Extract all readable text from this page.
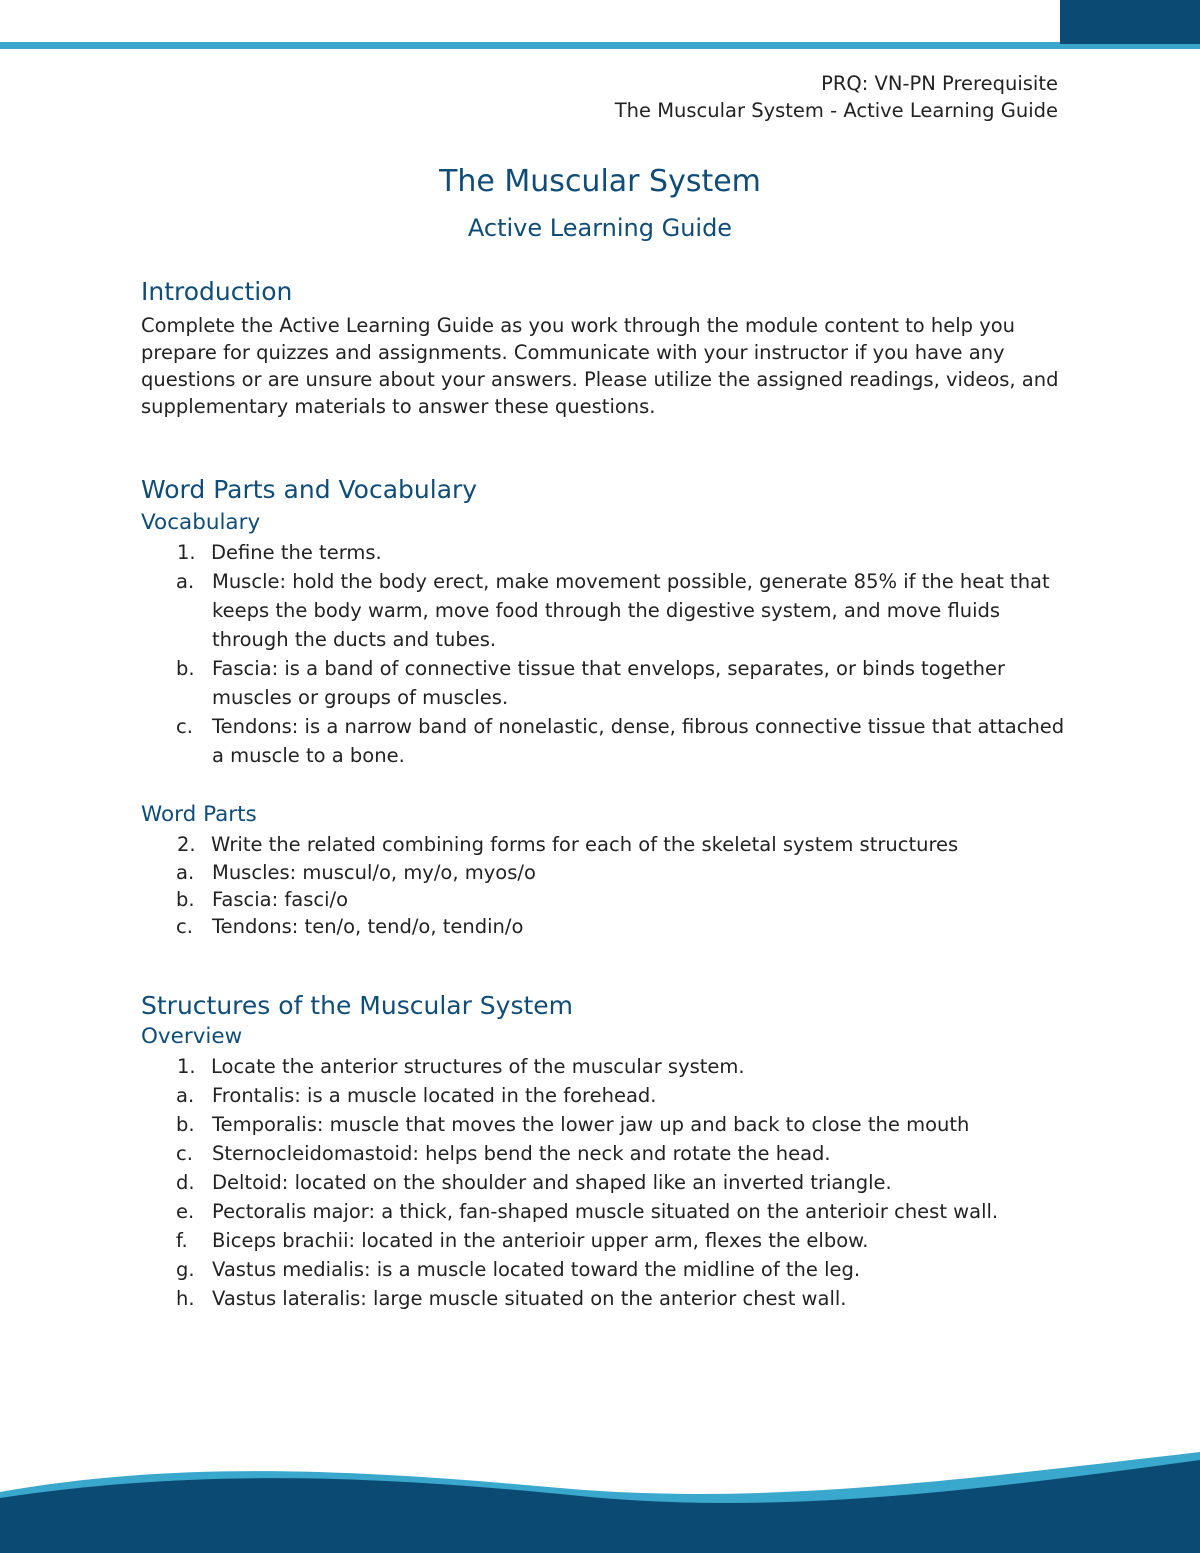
PRQ: VN-PN Prerequisite
The Muscular System - Active Learning Guide
The Muscular System
Active Learning Guide
Introduction

Complete the Active Learning Guide as you work through the module content to help you prepare for quizzes and assignments. Communicate with your instructor if you have any questions or are unsure about your answers. Please utilize the assigned readings, videos, and supplementary materials to answer these questions.

Word Parts and Vocabulary
Vocabulary
1. Define the terms.
a. Muscle: hold the body erect, make movement possible, generate 85% if the heat that keeps the body warm, move food through the digestive system, and move fluids through the ducts and tubes.
b. Fascia: is a band of connective tissue that envelops, separates, or binds together muscles or groups of muscles.
c. Tendons: is a narrow band of nonelastic, dense, fibrous connective tissue that attached a muscle to a bone.
Word Parts
2. Write the related combining forms for each of the skeletal system structures
a. Muscles: muscul/o, my/o, myos/o
b. Fascia: fasci/o
c. Tendons: ten/o, tend/o, tendin/o
Structures of the Muscular System
Overview
1. Locate the anterior structures of the muscular system.
a. Frontalis: is a muscle located in the forehead.
b. Temporalis: muscle that moves the lower jaw up and back to close the mouth
c. Sternocleidomastoid: helps bend the neck and rotate the head.
d. Deltoid: located on the shoulder and shaped like an inverted triangle.
e. Pectoralis major: a thick, fan-shaped muscle situated on the anterioir chest wall.
f. Biceps brachii: located in the anterioir upper arm, flexes the elbow.
g. Vastus medialis: is a muscle located toward the midline of the leg.
h. Vastus lateralis: large muscle situated on the anterior chest wall.
